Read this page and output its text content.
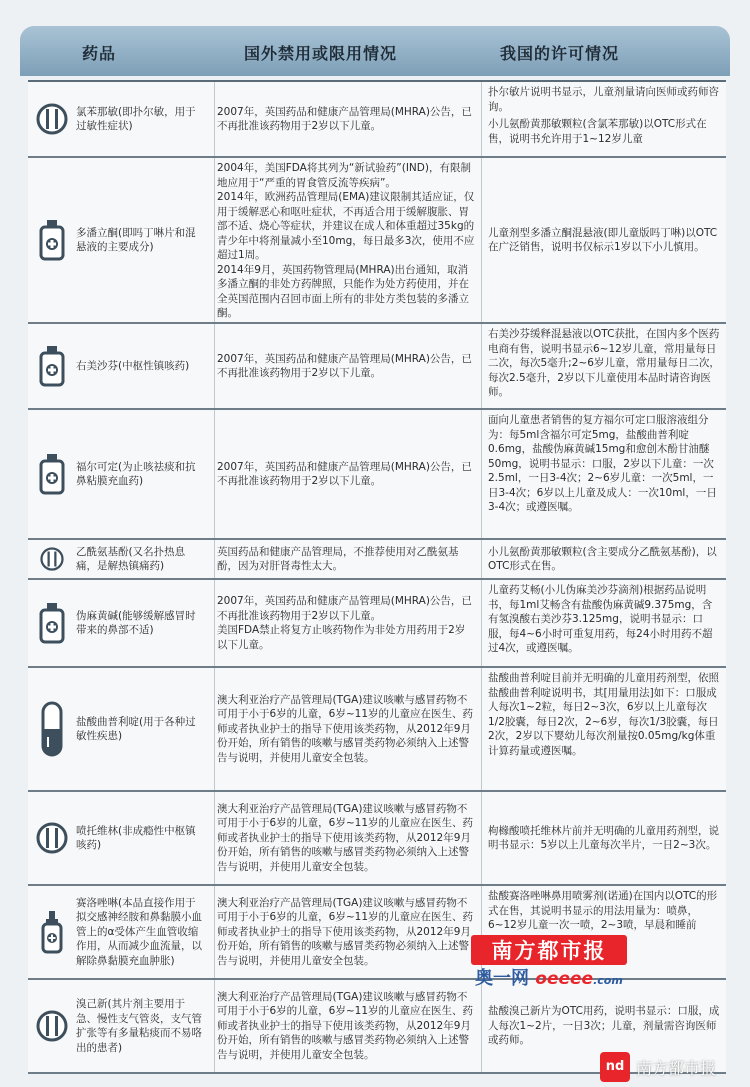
药品	国外禁用或限用情况	我国的许可情况
氯苯那敏(即扑尔敏，用于过敏性症状)

2007年，英国药品和健康产品管理局(MHRA)公告，已不再批准该药物用于2岁以下儿童。

扑尔敏片说明书显示，儿童剂量请向医师或药师咨询。

小儿氨酚黄那敏颗粒(含氯苯那敏)以OTC形式在售，说明书允许用于1~12岁儿童

多潘立酮(即吗丁啉片和混悬液的主要成分)

2004年，美国FDA将其列为“新试验药”(IND)，有限制地应用于“严重的胃食管反流等疾病”。

2014年，欧洲药品管理局(EMA)建议限制其适应证，仅用于缓解恶心和呕吐症状，不再适合用于缓解腹胀、胃部不适、烧心等症状，并建议在成人和体重超过35kg的青少年中将剂量减小至10mg，每日最多3次，使用不应超过1周。

2014年9月，英国药物管理局(MHRA)出台通知，取消多潘立酮的非处方药牌照，只能作为处方药使用，并在全英国范围内召回市面上所有的非处方类包装的多潘立酮。

儿童剂型多潘立酮混悬液(即儿童版吗丁啉)以OTC在广泛销售，说明书仅标示1岁以下小儿慎用。

右美沙芬(中枢性镇咳药)

2007年，英国药品和健康产品管理局(MHRA)公告，已不再批准该药物用于2岁以下儿童。

右美沙芬缓释混悬液以OTC获批，在国内多个医药电商有售，说明书显示6~12岁儿童，常用量每日二次，每次5毫升;2~6岁儿童，常用量每日二次，每次2.5毫升，2岁以下儿童使用本品时请咨询医师。

福尔可定(为止咳祛痰和抗鼻粘膜充血药)

2007年，英国药品和健康产品管理局(MHRA)公告，已不再批准该药物用于2岁以下儿童。

面向儿童患者销售的复方福尔可定口服溶液组分为：每5ml含福尔可定5mg，盐酸曲普利啶0.6mg，盐酸伪麻黄碱15mg和愈创木酚甘油醚50mg，说明书显示：口服，2岁以下儿童：一次2.5ml，一日3-4次；2~6岁儿童：一次5ml，一日3-4次；6岁以上儿童及成人：一次10ml，一日3-4次；或遵医嘱。

乙酰氨基酚(又名扑热息痛，是解热镇痛药)

英国药品和健康产品管理局，不推荐使用对乙酰氨基酚，因为对肝肾毒性太大。

小儿氨酚黄那敏颗粒(含主要成分乙酰氨基酚)，以OTC形式在售。

伪麻黄碱(能够缓解感冒时带来的鼻部不适)

2007年，英国药品和健康产品管理局(MHRA)公告，已不再批准该药物用于2岁以下儿童。

美国FDA禁止将复方止咳药物作为非处方用药用于2岁以下儿童。

儿童药艾畅(小儿伪麻美沙芬滴剂)根据药品说明书，每1ml艾畅含有盐酸伪麻黄碱9.375mg，含有氢溴酸右美沙芬3.125mg，说明书显示：口服，每4~6小时可重复用药，每24小时用药不超过4次，或遵医嘱。

盐酸曲普利啶(用于各种过敏性疾患)

澳大利亚治疗产品管理局(TGA)建议咳嗽与感冒药物不可用于小于6岁的儿童，6岁~11岁的儿童应在医生、药师或者执业护士的指导下使用该类药物，从2012年9月份开始，所有销售的咳嗽与感冒类药物必须纳入上述警告与说明，并使用儿童安全包装。

盐酸曲普利啶目前并无明确的儿童用药剂型，依照盐酸曲普利啶说明书，其[用量用法]如下：口服成人每次1~2粒，每日2~3次，6岁以上儿童每次1/2胶囊，每日2次，2~6岁，每次1/3胶囊，每日2次，2岁以下婴幼儿每次剂量按0.05mg/kg体重计算药量或遵医嘱。

喷托维林(非成瘾性中枢镇咳药)

澳大利亚治疗产品管理局(TGA)建议咳嗽与感冒药物不可用于小于6岁的儿童，6岁~11岁的儿童应在医生、药师或者执业护士的指导下使用该类药物，从2012年9月份开始，所有销售的咳嗽与感冒类药物必须纳入上述警告与说明，并使用儿童安全包装。

枸橼酸喷托维林片前并无明确的儿童用药剂型，说明书显示：5岁以上儿童每次半片，一日2~3次。

赛洛唑啉(本品直接作用于拟交感神经胺和鼻黏膜小血管上的α受体产生血管收缩作用，从而减少血流量，以解除鼻黏膜充血肿胀)

澳大利亚治疗产品管理局(TGA)建议咳嗽与感冒药物不可用于小于6岁的儿童，6岁~11岁的儿童应在医生、药师或者执业护士的指导下使用该类药物，从2012年9月份开始，所有销售的咳嗽与感冒类药物必须纳入上述警告与说明，并使用儿童安全包装。

盐酸赛洛唑啉鼻用喷雾剂(诺通)在国内以OTC的形式在售，其说明书显示的用法用量为：喷鼻，6~12岁儿童一次一喷，2~3喷，早晨和睡前

溴己新(其片剂主要用于急、慢性支气管炎，支气管扩张等有多量粘痰而不易咯出的患者)

澳大利亚治疗产品管理局(TGA)建议咳嗽与感冒药物不可用于小于6岁的儿童，6岁~11岁的儿童应在医生、药师或者执业护士的指导下使用该类药物，从2012年9月份开始，所有销售的咳嗽与感冒类药物必须纳入上述警告与说明，并使用儿童安全包装。

盐酸溴己新片为OTC用药，说明书显示：口服，成人每次1~2片，一日3次；儿童，剂量需咨询医师或药师。

南方都市报
奥一网 oeeee.com
nd 南方都市报
